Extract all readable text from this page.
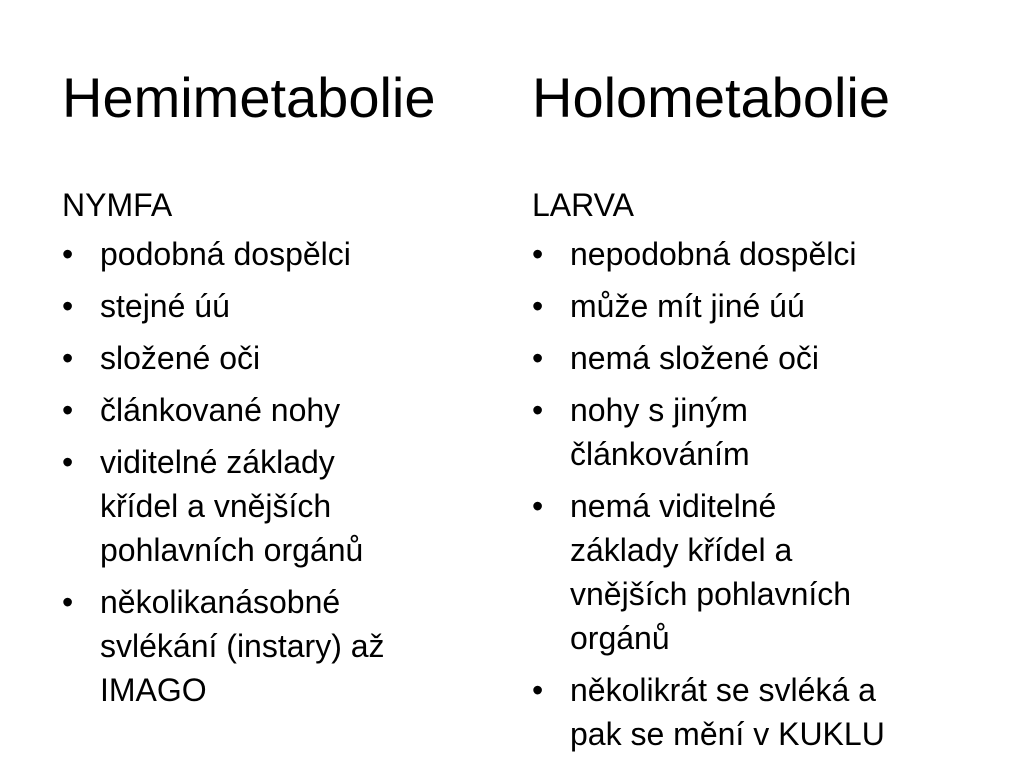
Hemimetabolie
NYMFA
• podobná dospělci
• stejné úú
• složené oči
• článkované nohy
• viditelné základy
křídel a vnějších
pohlavních orgánů
• několikanásobné
svlékání (instary) až
IMAGO
Holometabolie
LARVA
• nepodobná dospělci
• může mít jiné úú
• nemá složené oči
• nohy s jiným
článkováním
• nemá viditelné
základy křídel a
vnějších pohlavních
orgánů
• několikrát se svléká a
pak se mění v KUKLU
